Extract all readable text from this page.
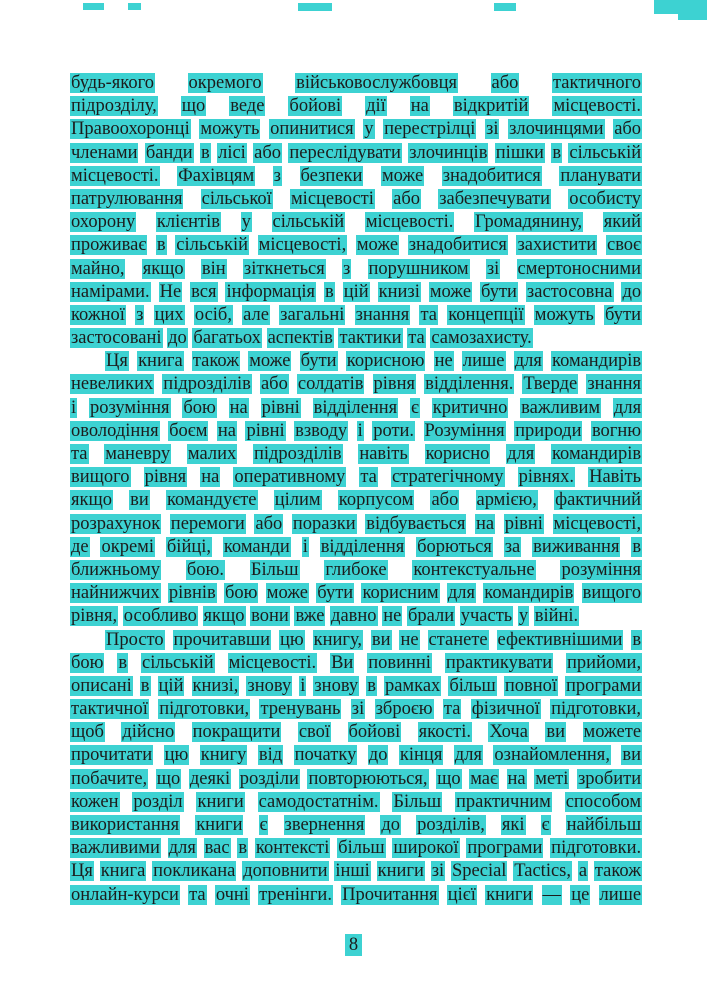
будь-якого окремого військовослужбовця або тактичного
підрозділу, що веде бойові дії на відкритій місцевості.
Правоохоронці можуть опинитися у перестрілці зі злочинцями або
членами банди в лісі або переслідувати злочинців пішки в сільській
місцевості. Фахівцям з безпеки може знадобитися планувати
патрулювання сільської місцевості або забезпечувати особисту
охорону клієнтів у сільській місцевості. Громадянину, який
проживає в сільській місцевості, може знадобитися захистити своє
майно, якщо він зіткнеться з порушником зі смертоносними
намірами. Не вся інформація в цій книзі може бути застосовна до
кожної з цих осіб, але загальні знання та концепції можуть бути
застосовані до багатьох аспектів тактики та самозахисту.
Ця книга також може бути корисною не лише для командирів
невеликих підрозділів або солдатів рівня відділення. Тверде знання
і розуміння бою на рівні відділення є критично важливим для
оволодіння боєм на рівні взводу і роти. Розуміння природи вогню
та маневру малих підрозділів навіть корисно для командирів
вищого рівня на оперативному та стратегічному рівнях. Навіть
якщо ви командуєте цілим корпусом або армією, фактичний
розрахунок перемоги або поразки відбувається на рівні місцевості,
де окремі бійці, команди і відділення борються за виживання в
ближньому бою. Більш глибоке контекстуальне розуміння
найнижчих рівнів бою може бути корисним для командирів вищого
рівня, особливо якщо вони вже давно не брали участь у війні.
Просто прочитавши цю книгу, ви не станете ефективнішими в
бою в сільській місцевості. Ви повинні практикувати прийоми,
описані в цій книзі, знову і знову в рамках більш повної програми
тактичної підготовки, тренувань зі зброєю та фізичної підготовки,
щоб дійсно покращити свої бойові якості. Хоча ви можете
прочитати цю книгу від початку до кінця для ознайомлення, ви
побачите, що деякі розділи повторюються, що має на меті зробити
кожен розділ книги самодостатнім. Більш практичним способом
використання книги є звернення до розділів, які є найбільш
важливими для вас в контексті більш широкої програми підготовки.
Ця книга покликана доповнити інші книги зі Special Tactics, а також
онлайн-курси та очні тренінги. Прочитання цієї книги — це лише
8
